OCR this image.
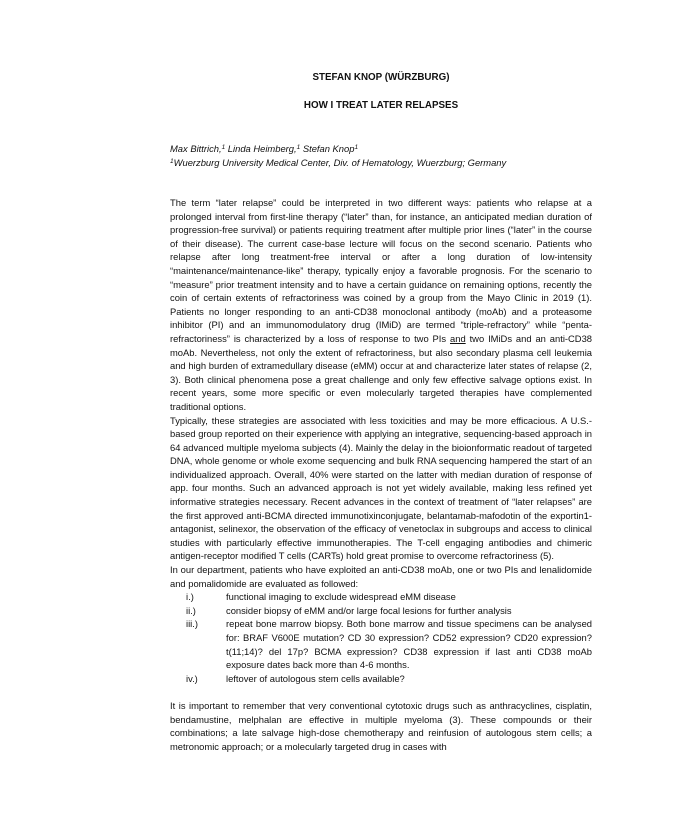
STEFAN KNOP (WÜRZBURG)
HOW I TREAT LATER RELAPSES
Max Bittrich,$^1$ Linda Heimberg,$^1$ Stefan Knop$^1$
$^1$Wuerzburg University Medical Center, Div. of Hematology, Wuerzburg; Germany

The term “later relapse” could be interpreted in two different ways: patients who relapse at a prolonged interval from first-line therapy (“later” than, for instance, an anticipated median duration of progression-free survival) or patients requiring treatment after multiple prior lines (“later” in the course of their disease). The current case-base lecture will focus on the second scenario. Patients who relapse after long treatment-free interval or after a long duration of low-intensity “maintenance/maintenance-like” therapy, typically enjoy a favorable prognosis. For the scenario to “measure” prior treatment intensity and to have a certain guidance on remaining options, recently the coin of certain extents of refractoriness was coined by a group from the Mayo Clinic in 2019 (1). Patients no longer responding to an anti-CD38 monoclonal antibody (moAb) and a proteasome inhibitor (PI) and an immunomodulatory drug (IMiD) are termed “triple-refractory” while “penta-refractoriness” is characterized by a loss of response to two PIs and two IMiDs and an anti-CD38 moAb. Nevertheless, not only the extent of refractoriness, but also secondary plasma cell leukemia and high burden of extramedullary disease (eMM) occur at and characterize later states of relapse (2, 3). Both clinical phenomena pose a great challenge and only few effective salvage options exist. In recent years, some more specific or even molecularly targeted therapies have complemented traditional options.

Typically, these strategies are associated with less toxicities and may be more efficacious. A U.S.-based group reported on their experience with applying an integrative, sequencing-based approach in 64 advanced multiple myeloma subjects (4). Mainly the delay in the bioionformatic readout of targeted DNA, whole genome or whole exome sequencing and bulk RNA sequencing hampered the start of an individualized approach. Overall, 40% were started on the latter with median duration of response of app. four months. Such an advanced approach is not yet widely available, making less refined yet informative strategies necessary. Recent advances in the context of treatment of “later relapses” are the first approved anti-BCMA directed immunotixinconjugate, belantamab-mafodotin of the exportin1-antagonist, selinexor, the observation of the efficacy of venetoclax in subgroups and access to clinical studies with particularly effective immunotherapies. The T-cell engaging antibodies and chimeric antigen-receptor modified T cells (CARTs) hold great promise to overcome refractoriness (5).

In our department, patients who have exploited an anti-CD38 moAb, one or two PIs and lenalidomide and pomalidomide are evaluated as followed:

i.)	functional imaging to exclude widespread eMM disease
ii.)	consider biopsy of eMM and/or large focal lesions for further analysis
iii.)	repeat bone marrow biopsy. Both bone marrow and tissue specimens can be analysed for: BRAF V600E mutation? CD 30 expression? CD52 expression? CD20 expression? t(11;14)? del 17p? BCMA expression? CD38 expression if last anti CD38 moAb exposure dates back more than 4-6 months.
iv.)	leftover of autologous stem cells available?

It is important to remember that very conventional cytotoxic drugs such as anthracyclines, cisplatin, bendamustine, melphalan are effective in multiple myeloma (3). These compounds or their combinations; a late salvage high-dose chemotherapy and reinfusion of autologous stem cells; a metronomic approach; or a molecularly targeted drug in cases with
